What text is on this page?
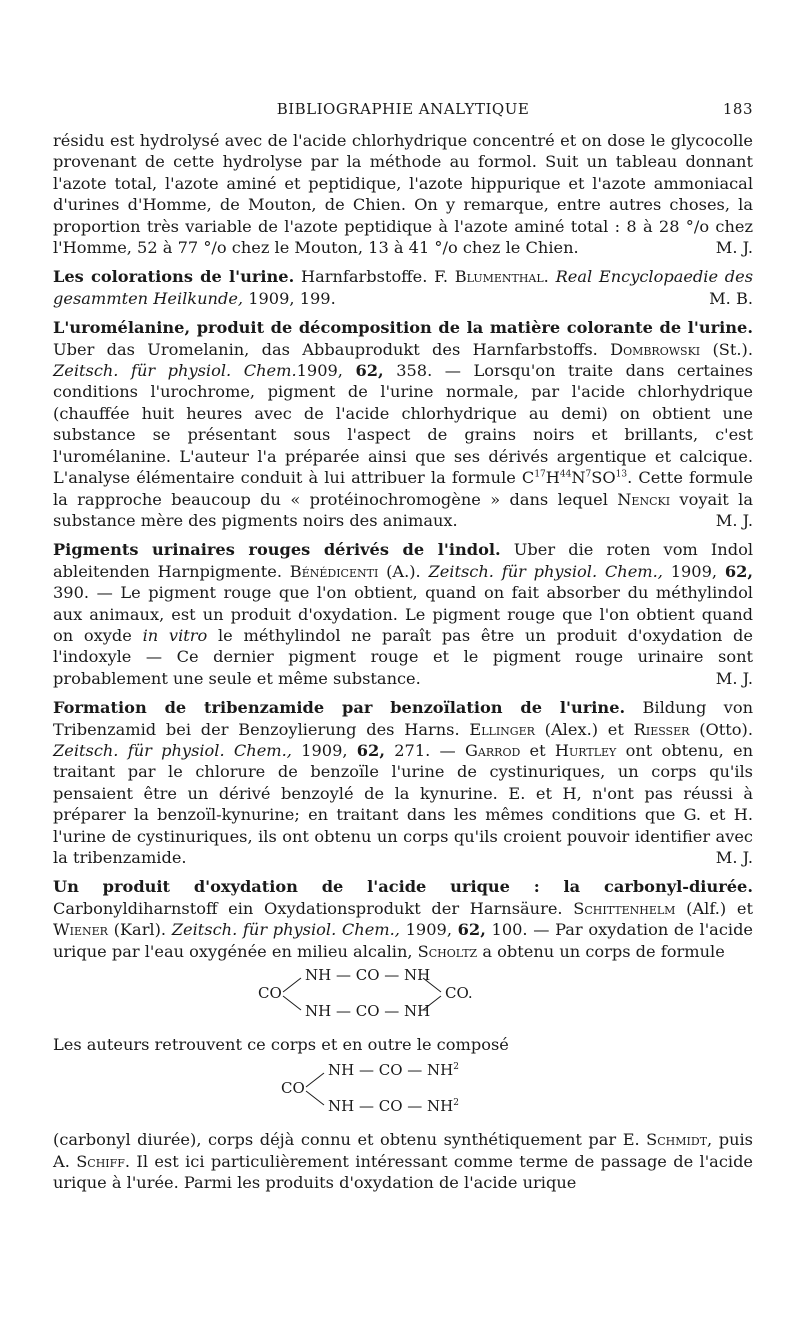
BIBLIOGRAPHIE ANALYTIQUE	183

résidu est hydrolysé avec de l'acide chlorhydrique concentré et on dose le glycocolle provenant de cette hydrolyse par la méthode au formol. Suit un tableau donnant l'azote total, l'azote aminé et peptidique, l'azote hippurique et l'azote ammoniacal d'urines d'Homme, de Mouton, de Chien. On y remarque, entre autres choses, la proportion très variable de l'azote peptidique à l'azote aminé total : 8 à 28 °/o chez l'Homme, 52 à 77 °/o chez le Mouton, 13 à 41 °/o chez le Chien.	M. J.

Les colorations de l'urine. Harnfarbstoffe. F. Blumenthal. Real Encyclopaedie des gesammten Heilkunde, 1909, 199.	M. B.

L'uromélanine, produit de décomposition de la matière colorante de l'urine. Uber das Uromelanin, das Abbauprodukt des Harnfarbstoffs. Dombrowski (St.). Zeitsch. für physiol. Chem.1909, 62, 358. — Lorsqu'on traite dans certaines conditions l'urochrome, pigment de l'urine normale, par l'acide chlorhydrique (chauffée huit heures avec de l'acide chlorhydrique au demi) on obtient une substance se présentant sous l'aspect de grains noirs et brillants, c'est l'uromélanine. L'auteur l'a préparée ainsi que ses dérivés argentique et calcique. L'analyse élémentaire conduit à lui attribuer la formule $C^{17}H^{44}N^7SO^{13}$. Cette formule la rapproche beaucoup du « protéinochromogène » dans lequel Nencki voyait la substance mère des pigments noirs des animaux.	M. J.

Pigments urinaires rouges dérivés de l'indol. Uber die roten vom Indol ableitenden Harnpigmente. Bénédicenti (A.). Zeitsch. für physiol. Chem., 1909, 62, 390. — Le pigment rouge que l'on obtient, quand on fait absorber du méthylindol aux animaux, est un produit d'oxydation. Le pigment rouge que l'on obtient quand on oxyde in vitro le méthylindol ne paraît pas être un produit d'oxydation de l'indoxyle — Ce dernier pigment rouge et le pigment rouge urinaire sont probablement une seule et même substance.	M. J.

Formation de tribenzamide par benzoïlation de l'urine. Bildung von Tribenzamid bei der Benzoylierung des Harns. Ellinger (Alex.) et Riesser (Otto). Zeitsch. für physiol. Chem., 1909, 62, 271. — Garrod et Hurtley ont obtenu, en traitant par le chlorure de benzoïle l'urine de cystinuriques, un corps qu'ils pensaient être un dérivé benzoylé de la kynurine. E. et H, n'ont pas réussi à préparer la benzoïl-kynurine; en traitant dans les mêmes conditions que G. et H. l'urine de cystinuriques, ils ont obtenu un corps qu'ils croient pouvoir identifier avec la tribenzamide.	M. J.

Un produit d'oxydation de l'acide urique : la carbonyl-diurée. Carbonyldiharnstoff ein Oxydationsprodukt der Harnsäure. Schittenhelm (Alf.) et Wiener (Karl). Zeitsch. für physiol. Chem., 1909, 62, 100. — Par oxydation de l'acide urique par l'eau oxygénée en milieu alcalin, Scholtz a obtenu un corps de formule

CO
NH — CO — NH
NH — CO — NH
CO.

Les auteurs retrouvent ce corps et en outre le composé

CO
NH — CO — $NH^2$
NH — CO — $NH^2$

(carbonyl diurée), corps déjà connu et obtenu synthétiquement par E. Schmidt, puis A. Schiff. Il est ici particulièrement intéressant comme terme de passage de l'acide urique à l'urée. Parmi les produits d'oxydation de l'acide urique
